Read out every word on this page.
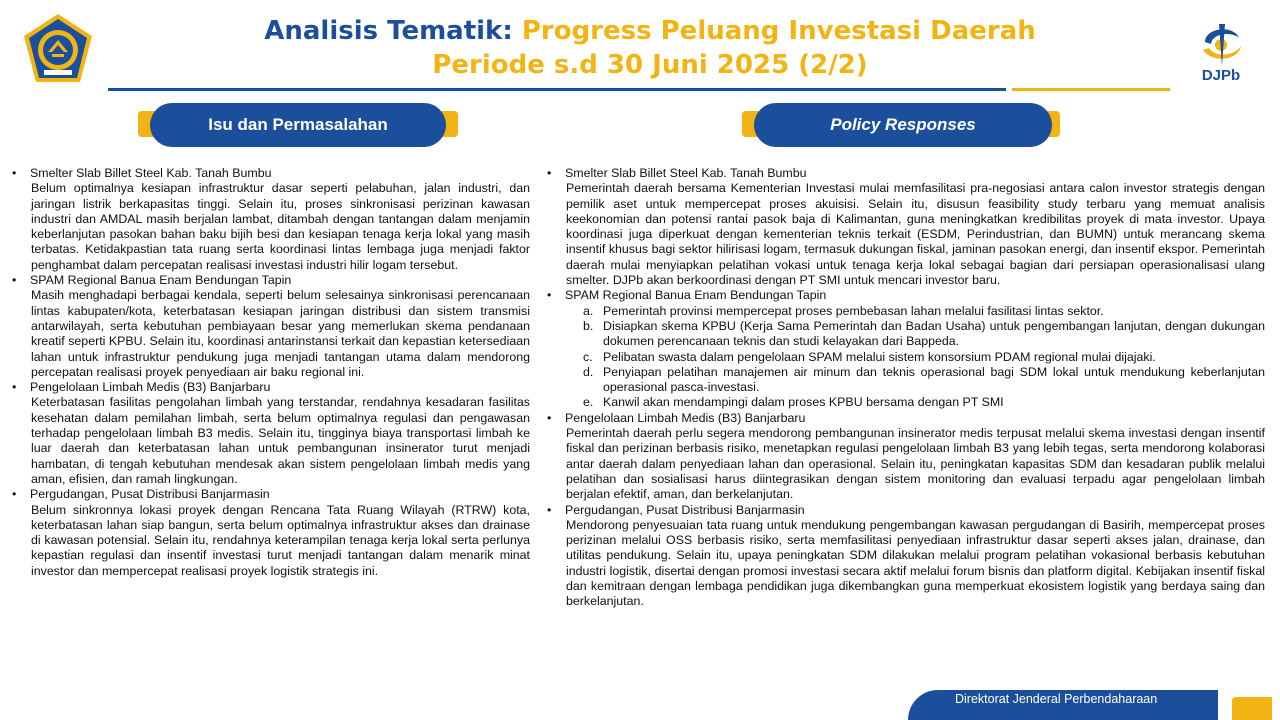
DJPb
Analisis Tematik: Progress Peluang Investasi Daerah
Periode s.d 30 Juni 2025 (2/2)
Isu dan Permasalahan	Policy Responses
• Smelter Slab Billet Steel Kab. Tanah Bumbu
Belum optimalnya kesiapan infrastruktur dasar seperti pelabuhan, jalan industri, dan jaringan listrik berkapasitas tinggi. Selain itu, proses sinkronisasi perizinan kawasan industri dan AMDAL masih berjalan lambat, ditambah dengan tantangan dalam menjamin keberlanjutan pasokan bahan baku bijih besi dan kesiapan tenaga kerja lokal yang masih terbatas. Ketidakpastian tata ruang serta koordinasi lintas lembaga juga menjadi faktor penghambat dalam percepatan realisasi investasi industri hilir logam tersebut.
• SPAM Regional Banua Enam Bendungan Tapin
Masih menghadapi berbagai kendala, seperti belum selesainya sinkronisasi perencanaan lintas kabupaten/kota, keterbatasan kesiapan jaringan distribusi dan sistem transmisi antarwilayah, serta kebutuhan pembiayaan besar yang memerlukan skema pendanaan kreatif seperti KPBU. Selain itu, koordinasi antarinstansi terkait dan kepastian ketersediaan lahan untuk infrastruktur pendukung juga menjadi tantangan utama dalam mendorong percepatan realisasi proyek penyediaan air baku regional ini.
• Pengelolaan Limbah Medis (B3) Banjarbaru
Keterbatasan fasilitas pengolahan limbah yang terstandar, rendahnya kesadaran fasilitas kesehatan dalam pemilahan limbah, serta belum optimalnya regulasi dan pengawasan terhadap pengelolaan limbah B3 medis. Selain itu, tingginya biaya transportasi limbah ke luar daerah dan keterbatasan lahan untuk pembangunan insinerator turut menjadi hambatan, di tengah kebutuhan mendesak akan sistem pengelolaan limbah medis yang aman, efisien, dan ramah lingkungan.
• Pergudangan, Pusat Distribusi Banjarmasin
Belum sinkronnya lokasi proyek dengan Rencana Tata Ruang Wilayah (RTRW) kota, keterbatasan lahan siap bangun, serta belum optimalnya infrastruktur akses dan drainase di kawasan potensial. Selain itu, rendahnya keterampilan tenaga kerja lokal serta perlunya kepastian regulasi dan insentif investasi turut menjadi tantangan dalam menarik minat investor dan mempercepat realisasi proyek logistik strategis ini.
• Smelter Slab Billet Steel Kab. Tanah Bumbu
Pemerintah daerah bersama Kementerian Investasi mulai memfasilitasi pra-negosiasi antara calon investor strategis dengan pemilik aset untuk mempercepat proses akuisisi. Selain itu, disusun feasibility study terbaru yang memuat analisis keekonomian dan potensi rantai pasok baja di Kalimantan, guna meningkatkan kredibilitas proyek di mata investor. Upaya koordinasi juga diperkuat dengan kementerian teknis terkait (ESDM, Perindustrian, dan BUMN) untuk merancang skema insentif khusus bagi sektor hilirisasi logam, termasuk dukungan fiskal, jaminan pasokan energi, dan insentif ekspor. Pemerintah daerah mulai menyiapkan pelatihan vokasi untuk tenaga kerja lokal sebagai bagian dari persiapan operasionalisasi ulang smelter. DJPb akan berkoordinasi dengan PT SMI untuk mencari investor baru.
• SPAM Regional Banua Enam Bendungan Tapin
a. Pemerintah provinsi mempercepat proses pembebasan lahan melalui fasilitasi lintas sektor.
b. Disiapkan skema KPBU (Kerja Sama Pemerintah dan Badan Usaha) untuk pengembangan lanjutan, dengan dukungan dokumen perencanaan teknis dan studi kelayakan dari Bappeda.
c. Pelibatan swasta dalam pengelolaan SPAM melalui sistem konsorsium PDAM regional mulai dijajaki.
d. Penyiapan pelatihan manajemen air minum dan teknis operasional bagi SDM lokal untuk mendukung keberlanjutan operasional pasca-investasi.
e. Kanwil akan mendampingi dalam proses KPBU bersama dengan PT SMI
• Pengelolaan Limbah Medis (B3) Banjarbaru
Pemerintah daerah perlu segera mendorong pembangunan insinerator medis terpusat melalui skema investasi dengan insentif fiskal dan perizinan berbasis risiko, menetapkan regulasi pengelolaan limbah B3 yang lebih tegas, serta mendorong kolaborasi antar daerah dalam penyediaan lahan dan operasional. Selain itu, peningkatan kapasitas SDM dan kesadaran publik melalui pelatihan dan sosialisasi harus diintegrasikan dengan sistem monitoring dan evaluasi terpadu agar pengelolaan limbah berjalan efektif, aman, dan berkelanjutan.
• Pergudangan, Pusat Distribusi Banjarmasin
Mendorong penyesuaian tata ruang untuk mendukung pengembangan kawasan pergudangan di Basirih, mempercepat proses perizinan melalui OSS berbasis risiko, serta memfasilitasi penyediaan infrastruktur dasar seperti akses jalan, drainase, dan utilitas pendukung. Selain itu, upaya peningkatan SDM dilakukan melalui program pelatihan vokasional berbasis kebutuhan industri logistik, disertai dengan promosi investasi secara aktif melalui forum bisnis dan platform digital. Kebijakan insentif fiskal dan kemitraan dengan lembaga pendidikan juga dikembangkan guna memperkuat ekosistem logistik yang berdaya saing dan berkelanjutan.
Direktorat Jenderal Perbendaharaan
